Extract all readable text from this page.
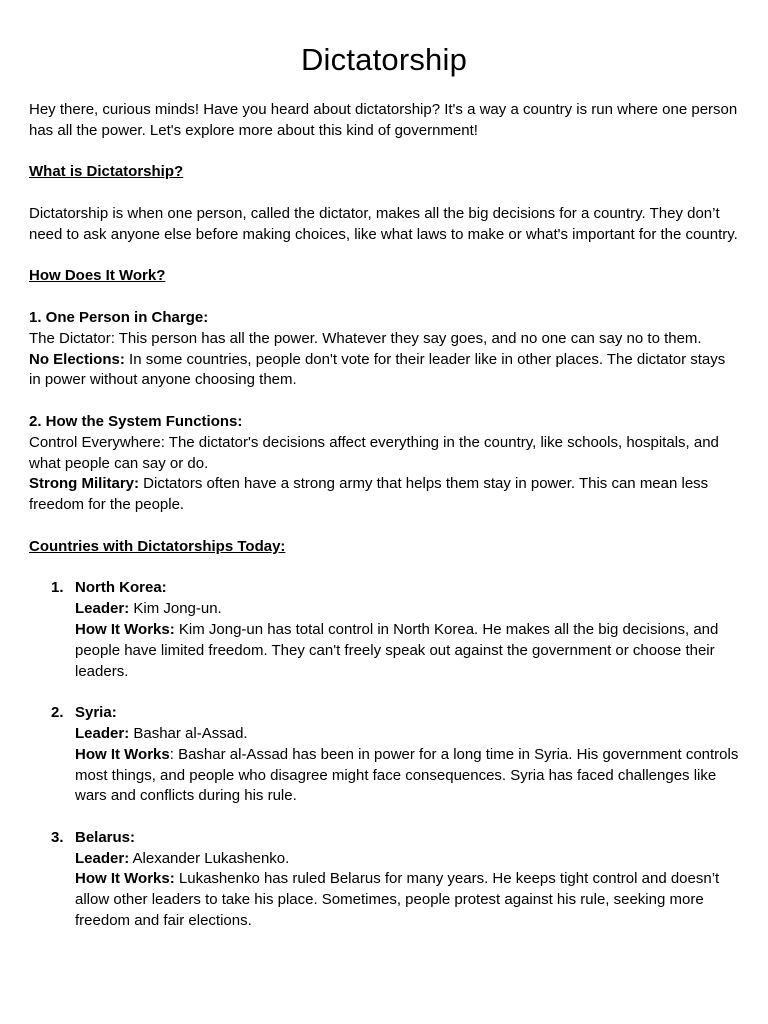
Dictatorship

Hey there, curious minds! Have you heard about dictatorship? It's a way a country is run where one person has all the power. Let's explore more about this kind of government!

What is Dictatorship?

Dictatorship is when one person, called the dictator, makes all the big decisions for a country. They don’t need to ask anyone else before making choices, like what laws to make or what's important for the country.

How Does It Work?

1. One Person in Charge:

The Dictator: This person has all the power. Whatever they say goes, and no one can say no to them.

No Elections: In some countries, people don't vote for their leader like in other places. The dictator stays in power without anyone choosing them.

2. How the System Functions:

Control Everywhere: The dictator's decisions affect everything in the country, like schools, hospitals, and what people can say or do.

Strong Military: Dictators often have a strong army that helps them stay in power. This can mean less freedom for the people.

Countries with Dictatorships Today:

1. North Korea:

Leader: Kim Jong-un.

How It Works: Kim Jong-un has total control in North Korea. He makes all the big decisions, and people have limited freedom. They can't freely speak out against the government or choose their leaders.

2. Syria:

Leader: Bashar al-Assad.

How It Works: Bashar al-Assad has been in power for a long time in Syria. His government controls most things, and people who disagree might face consequences. Syria has faced challenges like wars and conflicts during his rule.

3. Belarus:

Leader: Alexander Lukashenko.

How It Works: Lukashenko has ruled Belarus for many years. He keeps tight control and doesn’t allow other leaders to take his place. Sometimes, people protest against his rule, seeking more freedom and fair elections.
